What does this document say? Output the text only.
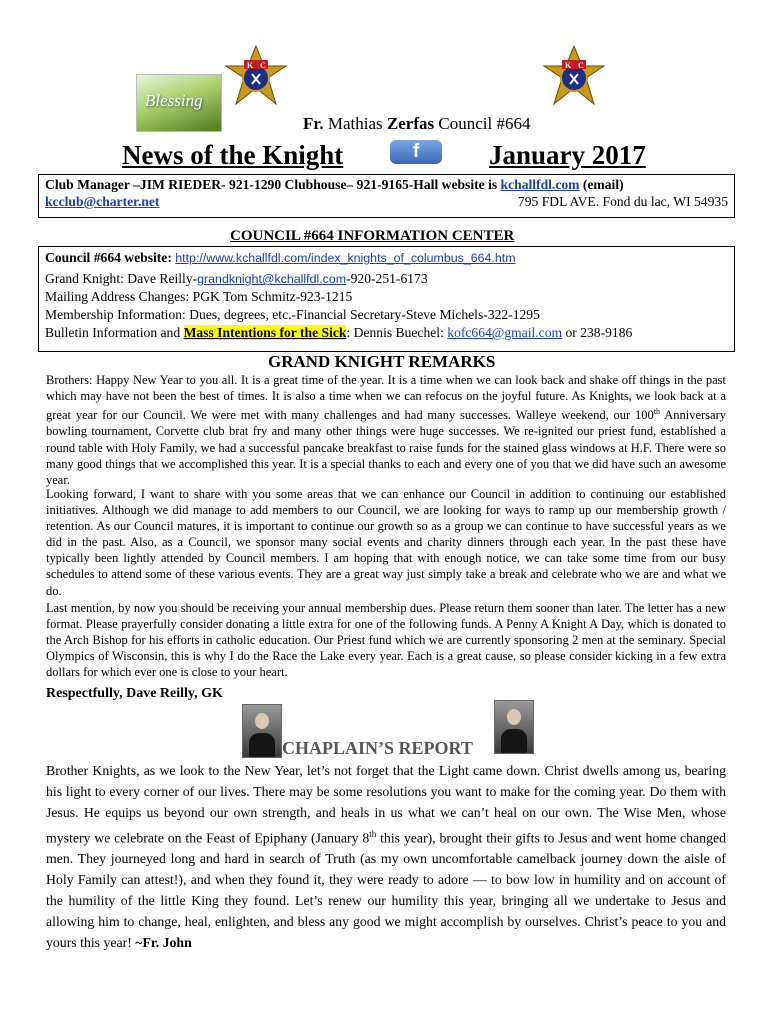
Blessing
K C	K C
Fr. Mathias Zerfas Council #664
News of the Knight	f	January 2017
Club Manager –JIM RIEDER- 921-1290 Clubhouse– 921-9165-Hall website is kchallfdl.com (email)
kcclub@charter.net	795 FDL AVE. Fond du lac, WI 54935
COUNCIL #664 INFORMATION CENTER
Council #664 website: http://www.kchallfdl.com/index_knights_of_columbus_664.htm
Grand Knight: Dave Reilly-grandknight@kchallfdl.com-920-251-6173
Mailing Address Changes: PGK Tom Schmitz-923-1215
Membership Information: Dues, degrees, etc.-Financial Secretary-Steve Michels-322-1295
Bulletin Information and Mass Intentions for the Sick: Dennis Buechel: kofc664@gmail.com or 238-9186
GRAND KNIGHT REMARKS
Brothers: Happy New Year to you all. It is a great time of the year. It is a time when we can look back and shake off things in the past which may have not been the best of times. It is also a time when we can refocus on the joyful future. As Knights, we look back at a great year for our Council. We were met with many challenges and had many successes. Walleye weekend, our 100th Anniversary bowling tournament, Corvette club brat fry and many other things were huge successes. We re-ignited our priest fund, established a round table with Holy Family, we had a successful pancake breakfast to raise funds for the stained glass windows at H.F. There were so many good things that we accomplished this year. It is a special thanks to each and every one of you that we did have such an awesome year.
Looking forward, I want to share with you some areas that we can enhance our Council in addition to continuing our established initiatives. Although we did manage to add members to our Council, we are looking for ways to ramp up our membership growth / retention. As our Council matures, it is important to continue our growth so as a group we can continue to have successful years as we did in the past. Also, as a Council, we sponsor many social events and charity dinners through each year. In the past these have typically been lightly attended by Council members. I am hoping that with enough notice, we can take some time from our busy schedules to attend some of these various events. They are a great way just simply take a break and celebrate who we are and what we do.
Last mention, by now you should be receiving your annual membership dues. Please return them sooner than later. The letter has a new format. Please prayerfully consider donating a little extra for one of the following funds. A Penny A Knight A Day, which is donated to the Arch Bishop for his efforts in catholic education. Our Priest fund which we are currently sponsoring 2 men at the seminary. Special Olympics of Wisconsin, this is why I do the Race the Lake every year. Each is a great cause, so please consider kicking in a few extra dollars for which ever one is close to your heart.
Respectfully, Dave Reilly, GK
CHAPLAIN’S REPORT
Brother Knights, as we look to the New Year, let’s not forget that the Light came down. Christ dwells among us, bearing his light to every corner of our lives. There may be some resolutions you want to make for the coming year. Do them with Jesus. He equips us beyond our own strength, and heals in us what we can’t heal on our own. The Wise Men, whose mystery we celebrate on the Feast of Epiphany (January 8th this year), brought their gifts to Jesus and went home changed men. They journeyed long and hard in search of Truth (as my own uncomfortable camelback journey down the aisle of Holy Family can attest!), and when they found it, they were ready to adore — to bow low in humility and on account of the humility of the little King they found. Let’s renew our humility this year, bringing all we undertake to Jesus and allowing him to change, heal, enlighten, and bless any good we might accomplish by ourselves. Christ’s peace to you and yours this year! ~Fr. John
